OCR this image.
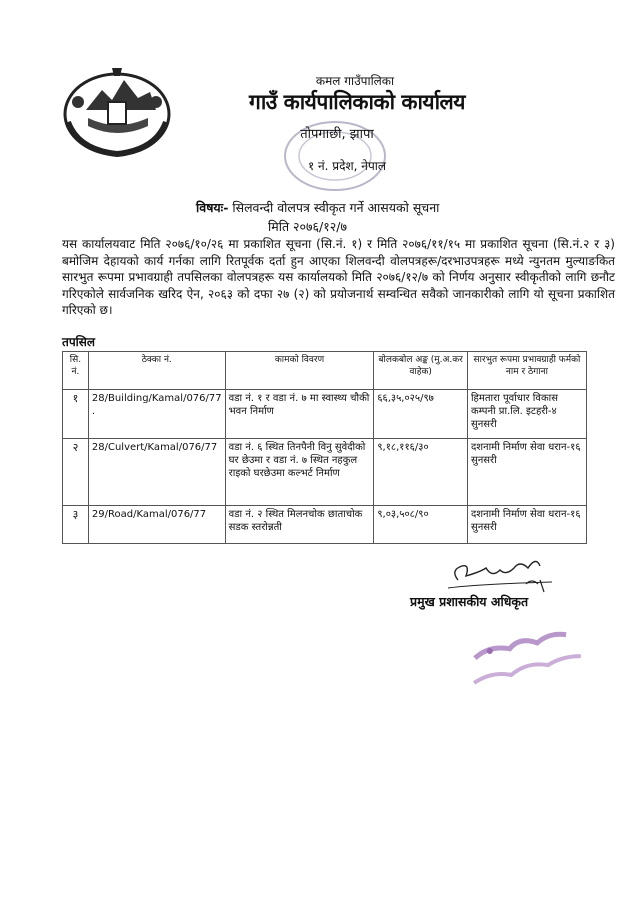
कमल गाउँपालिका
गाउँ कार्यपालिकाको कार्यालय
तोपगाछी, झापा
१ नं. प्रदेश, नेपाल
विषयः- सिलवन्दी वोलपत्र स्वीकृत गर्ने आसयको सूचना
मिति २०७६/१२/७
यस कार्यालयवाट मिति २०७६/१०/२६ मा प्रकाशित सूचना (सि.नं. १) र मिति २०७६/११/१५ मा प्रकाशित सूचना (सि.नं.२ र ३) बमोजिम देहायको कार्य गर्नका लागि रितपूर्वक दर्ता हुन आएका शिलवन्दी वोलपत्रहरू/दरभाउपत्रहरू मध्ये न्युनतम मुल्याङकित सारभुत रूपमा प्रभावग्राही तपसिलका वोलपत्रहरू यस कार्यालयको मिति २०७६/१२/७ को निर्णय अनुसार स्वीकृतीको लागि छनौट गरिएकोले सार्वजनिक खरिद ऐन, २०६३ को दफा २७ (२) को प्रयोजनार्थ सम्वन्धित सवैको जानकारीको लागि यो सूचना प्रकाशित गरिएको छ।
तपसिल
सि. नं.	ठेक्का नं.	कामको विवरण	बोलकबोल अङ्क (मु.अ.कर वाहेक)	सारभुत रूपमा प्रभावग्राही फर्मको नाम र ठेगाना
१	28/Building/Kamal/076/77 .	वडा नं. १ र वडा नं. ७ मा स्वास्थ्य चौकी भवन निर्माण	६६,३५,०२५/९७	हिमतारा पूर्वाधार विकास कम्पनी प्रा.लि. इटहरी-४ सुनसरी
२	28/Culvert/Kamal/076/77	वडा नं. ६ स्थित तिनपैनी विनु सुवेदीको घर छेउमा र वडा नं. ७ स्थित नहकुल राइको घरछेउमा कल्भर्ट निर्माण	९,१८,११६/३०	दशनामी निर्माण सेवा धरान-१६ सुनसरी
३	29/Road/Kamal/076/77	वडा नं. २ स्थित मिलनचोक छाताचोक सडक स्तरोन्नती	९,०३,५०८/९०	दशनामी निर्माण सेवा धरान-१६ सुनसरी
प्रमुख प्रशासकीय अधिकृत
